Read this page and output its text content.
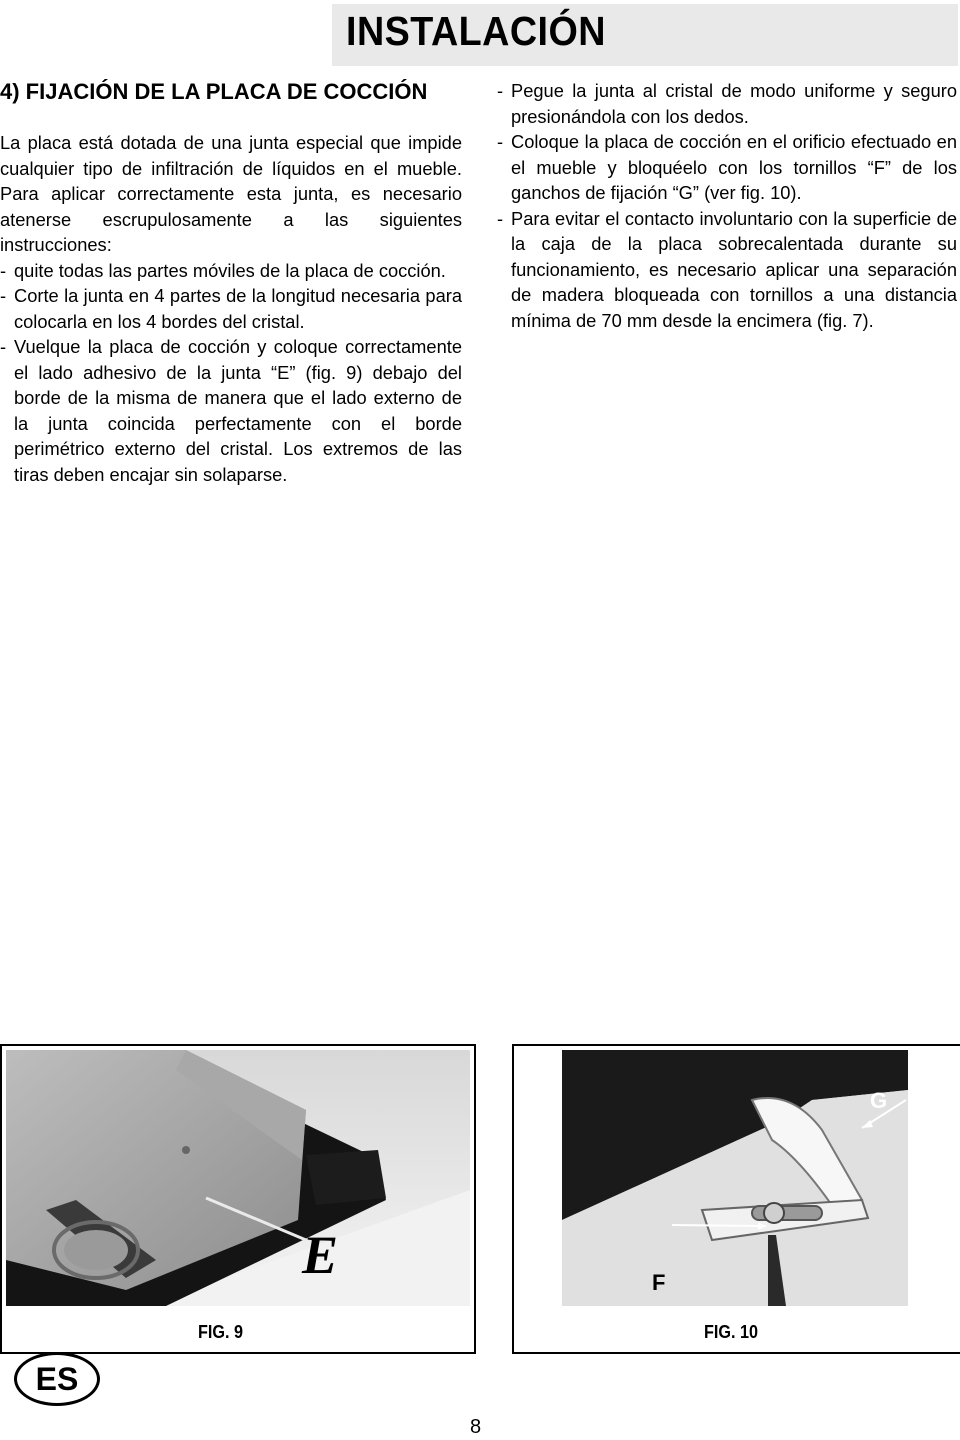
INSTALACIÓN
4) FIJACIÓN DE LA PLACA DE COCCIÓN

La placa está dotada de una junta especial que impide cualquier tipo de infiltración de líquidos en el mueble. Para aplicar correctamente esta junta, es necesario atenerse escrupulosamente a las siguientes instrucciones:

- quite todas las partes móviles de la placa de cocción.

- Corte la junta en 4 partes de la longitud necesaria para colocarla en los 4 bordes del cristal.

- Vuelque la placa de cocción y coloque correctamente el lado adhesivo de la junta “E” (fig. 9) debajo del borde de la misma de manera que el lado externo de la junta coincida perfectamente con el borde perimétrico externo del cristal. Los extremos de las tiras deben encajar sin solaparse.

- Pegue la junta al cristal de modo uniforme y seguro presionándola con los dedos.

- Coloque la placa de cocción en el orificio efectuado en el mueble y bloquéelo con los tornillos “F” de los ganchos de fijación “G” (ver fig. 10).

- Para evitar el contacto involuntario con la superficie de la caja de la placa sobrecalentada durante su funcionamiento, es necesario aplicar una separación de madera bloqueada con tornillos a una distancia mínima de 70 mm desde la encimera (fig. 7).

E
FIG. 9
G
F
FIG. 10
ES
8
